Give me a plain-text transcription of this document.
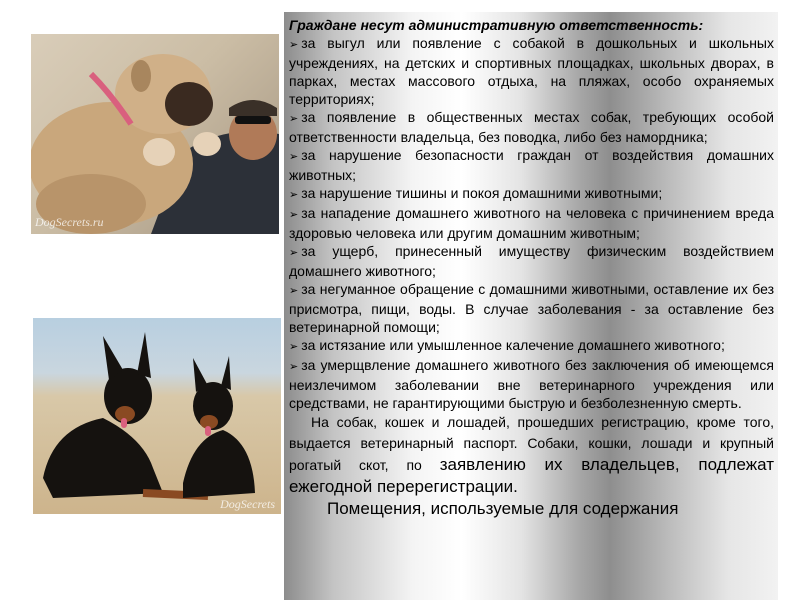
DogSecrets.ru
DogSecrets

Граждане несут административную ответственность:

➢ за выгул или появление с собакой в дошкольных и школьных учреждениях, на детских и спортивных площадках, школьных дворах, в парках, местах массового отдыха, на пляжах, особо охраняемых территориях;

➢ за появление в общественных местах собак, требующих особой ответственности владельца, без поводка, либо без намордника;

➢ за нарушение безопасности граждан от воздействия домашних животных;

➢ за нарушение тишины и покоя домашними животными;

➢ за нападение домашнего животного на человека с причинением вреда здоровью человека или другим домашним животным;

➢ за ущерб, принесенный имуществу физическим воздействием домашнего животного;

➢ за негуманное обращение с домашними животными, оставление их без присмотра, пищи, воды. В случае заболевания - за оставление без ветеринарной помощи;

➢ за истязание или умышленное калечение домашнего животного;

➢ за умерщвление домашнего животного без заключения об имеющемся неизлечимом заболевании вне ветеринарного учреждения или средствами, не гарантирующими быструю и безболезненную смерть.

На собак, кошек и лошадей, прошедших регистрацию, кроме того, выдается ветеринарный паспорт. Собаки, кошки, лошади и крупный рогатый скот, по заявлению их владельцев, подлежат ежегодной перерегистрации.

Помещения, используемые для содержания
